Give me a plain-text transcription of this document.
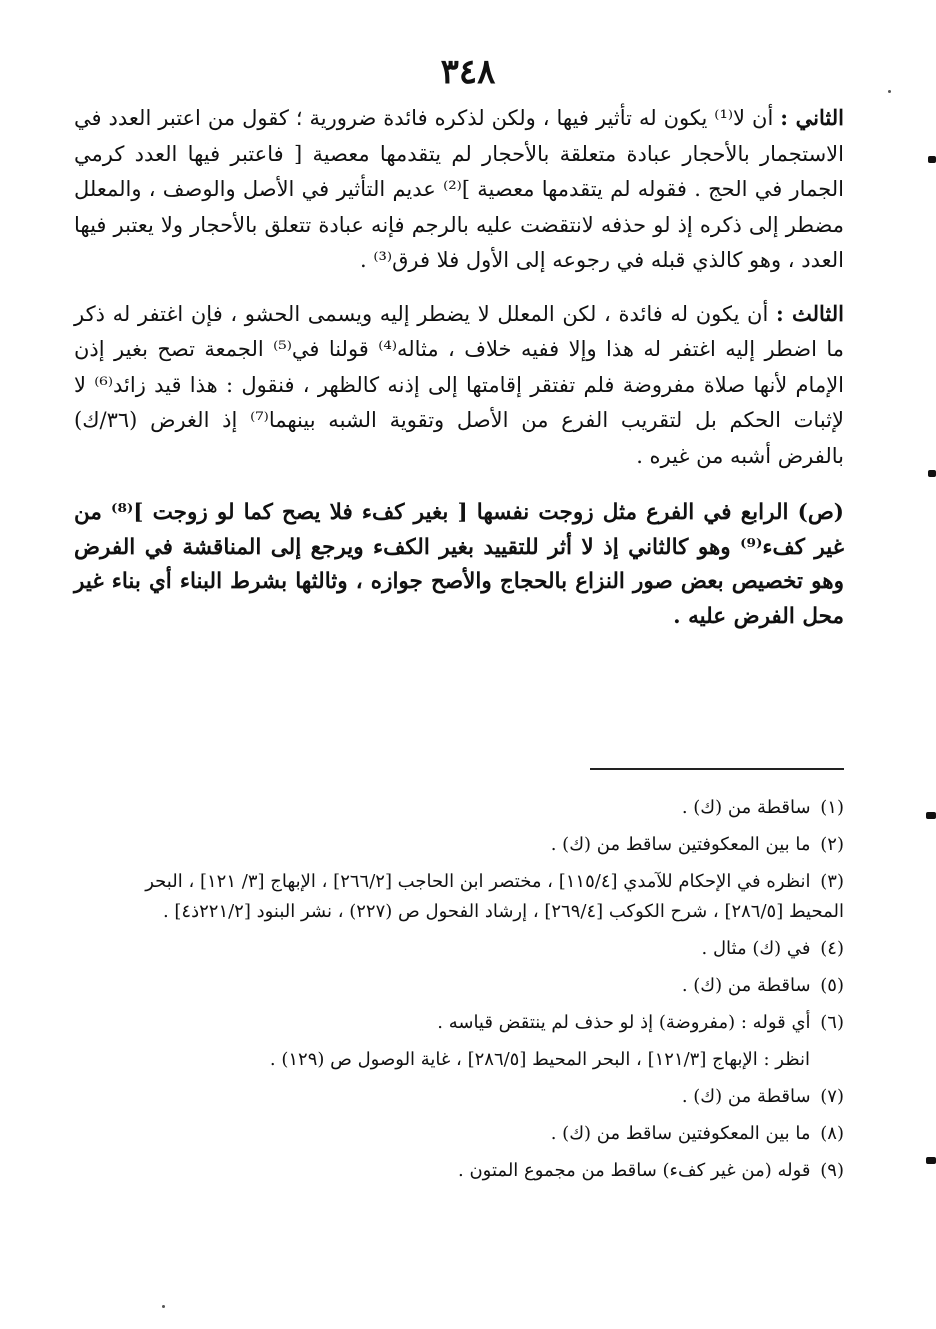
٣٤٨

الثاني : أن لا⁽¹⁾ يكون له تأثير فيها ، ولكن لذكره فائدة ضرورية ؛ كقول من اعتبر العدد في الاستجمار بالأحجار عبادة متعلقة بالأحجار لم يتقدمها معصية [ فاعتبر فيها العدد كرمي الجمار في الحج . فقوله لم يتقدمها معصية ]⁽²⁾ عديم التأثير في الأصل والوصف ، والمعلل مضطر إلى ذكره إذ لو حذفه لانتقضت عليه بالرجم فإنه عبادة تتعلق بالأحجار ولا يعتبر فيها العدد ، وهو كالذي قبله في رجوعه إلى الأول فلا فرق⁽³⁾ .

الثالث : أن يكون له فائدة ، لكن المعلل لا يضطر إليه ويسمى الحشو ، فإن اغتفر له ذكر ما اضطر إليه اغتفر له هذا وإلا ففيه خلاف ، مثاله⁽⁴⁾ قولنا في⁽⁵⁾ الجمعة تصح بغير إذن الإمام لأنها صلاة مفروضة فلم تفتقر إقامتها إلى إذنه كالظهر ، فنقول : هذا قيد زائد⁽⁶⁾ لا لإثبات الحكم بل لتقريب الفرع من الأصل وتقوية الشبه بينهما⁽⁷⁾ إذ الغرض (٣٦/ك) بالفرض أشبه من غيره .

(ص) الرابع في الفرع مثل زوجت نفسها [ بغير كفء فلا يصح كما لو زوجت ]⁽⁸⁾ من غير كفء⁽⁹⁾ وهو كالثاني إذ لا أثر للتقييد بغير الكفء ويرجع إلى المناقشة في الفرض وهو تخصيص بعض صور النزاع بالحجاج والأصح جوازه ، وثالثها بشرط البناء أي بناء غير محل الفرض عليه .

(١) ساقطة من (ك) .
(٢) ما بين المعكوفتين ساقط من (ك) .
(٣) انظره في الإحكام للآمدي [١١٥/٤] ، مختصر ابن الحاجب [٢٦٦/٢] ، الإبهاج [٣/ ١٢١] ، البحر المحيط [٢٨٦/٥] ، شرح الكوكب [٢٦٩/٤] ، إرشاد الفحول ص (٢٢٧) ، نشر البنود [٢٢١/٢ذ٤] .
(٤) في (ك) مثال .
(٥) ساقطة من (ك) .
(٦) أي قوله : (مفروضة) إذ لو حذف لم ينتقض قياسه .
انظر : الإبهاج [١٢١/٣] ، البحر المحيط [٢٨٦/٥] ، غاية الوصول ص (١٢٩) .
(٧) ساقطة من (ك) .
(٨) ما بين المعكوفتين ساقط من (ك) .
(٩) قوله (من غير كفء) ساقط من مجموع المتون .
